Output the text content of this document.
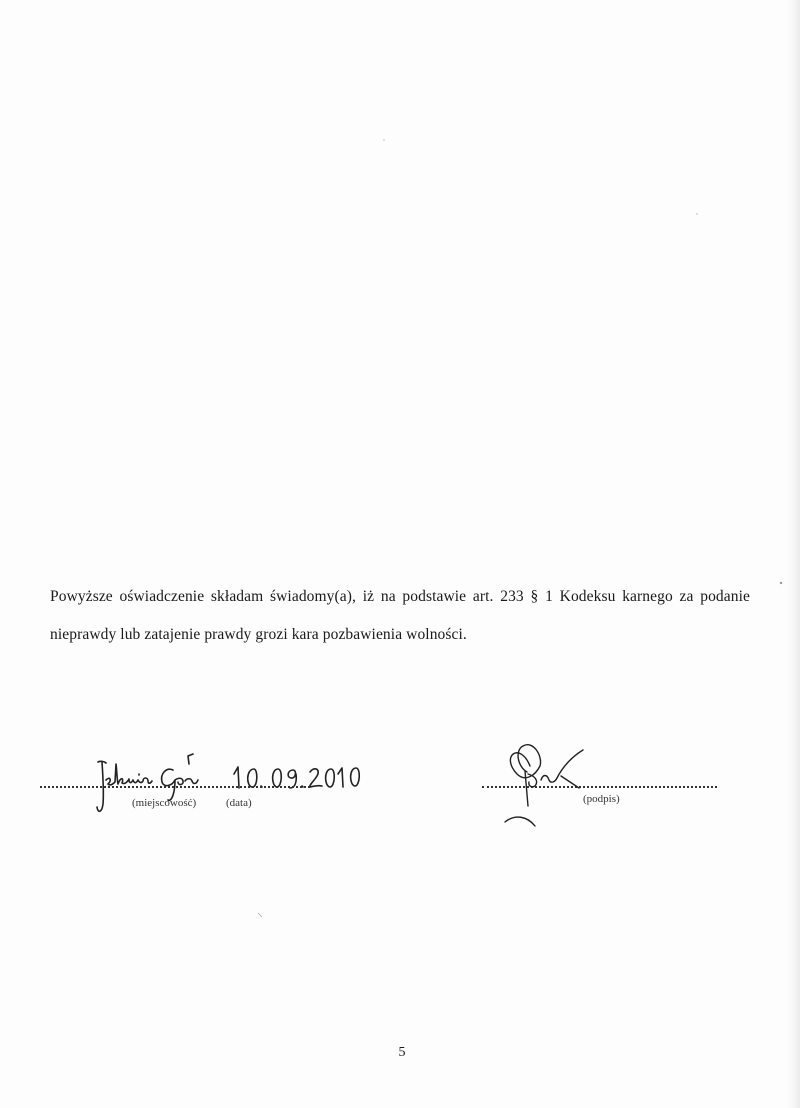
Powyższe oświadczenie składam świadomy(a), iż na podstawie art. 233 § 1 Kodeksu karnego za podanie
nieprawdy lub zatajenie prawdy grozi kara pozbawienia wolności.

(miejscowość)	(data)	(podpis)
5
